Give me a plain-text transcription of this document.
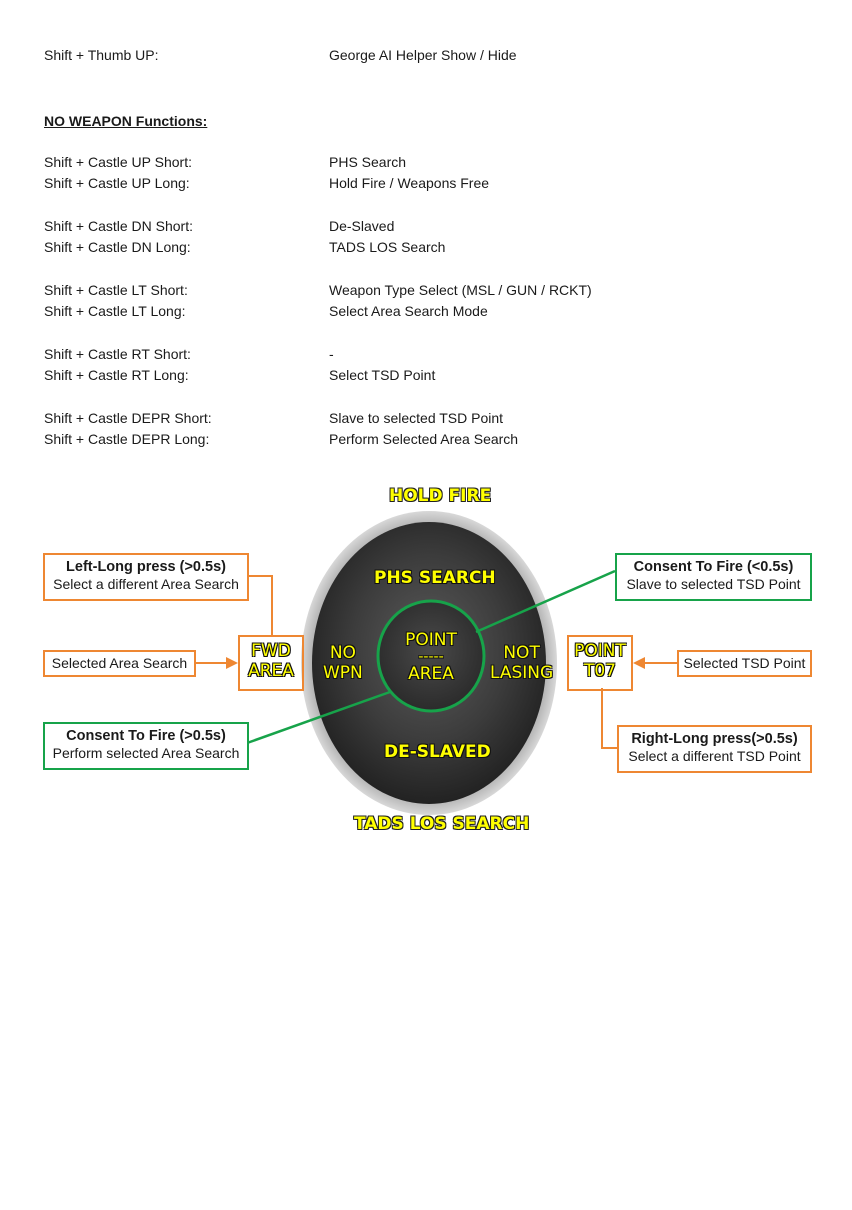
Shift + Thumb UP:	George AI Helper Show / Hide
NO WEAPON Functions:
Shift + Castle UP Short:	PHS Search
Shift + Castle UP Long:	Hold Fire / Weapons Free
Shift + Castle DN Short:	De-Slaved
Shift + Castle DN Long:	TADS LOS Search
Shift + Castle LT Short:	Weapon Type Select (MSL / GUN / RCKT)
Shift + Castle LT Long:	Select Area Search Mode
Shift + Castle RT Short:	-
Shift + Castle RT Long:	Select TSD Point
Shift + Castle DEPR Short:	Slave to selected TSD Point
Shift + Castle DEPR Long:	Perform Selected Area Search
HOLD FIRE
TADS LOS SEARCH
PHS SEARCH
DE-SLAVED
NO
WPN
NOT
LASING
POINT
-----
AREA
FWD
AREA
POINT
T07
Left-Long press (>0.5s)
Select a different Area Search
Selected Area Search
Consent To Fire (>0.5s)
Perform selected Area Search
Consent To Fire (<0.5s)
Slave to selected TSD Point
Selected TSD Point
Right-Long press(>0.5s)
Select a different TSD Point
